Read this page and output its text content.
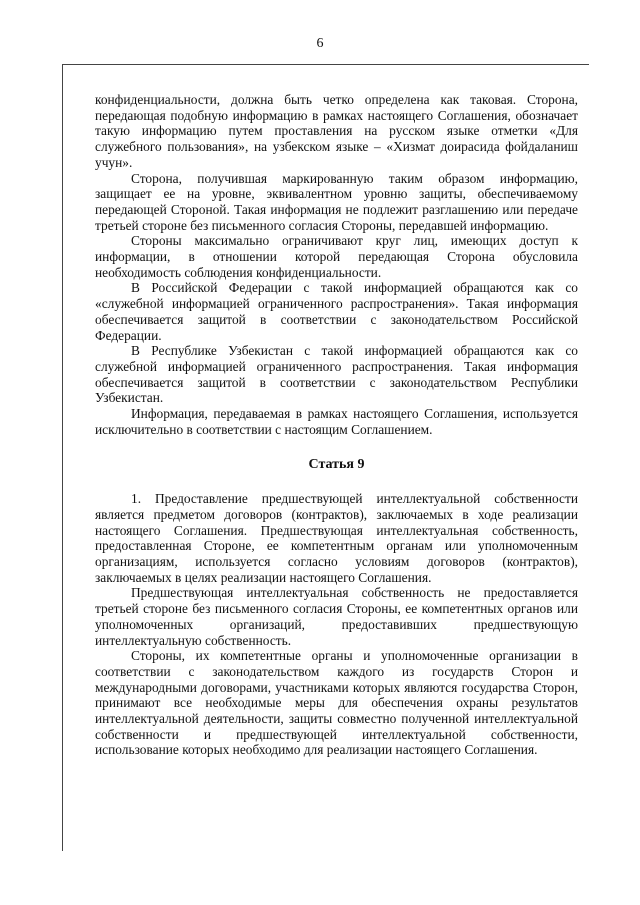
6

конфиденциальности, должна быть четко определена как таковая. Сторона, передающая подобную информацию в рамках настоящего Соглашения, обозначает такую информацию путем проставления на русском языке отметки «Для служебного пользования», на узбекском языке – «Хизмат доирасида фойдаланиш учун».

Сторона, получившая маркированную таким образом информацию, защищает ее на уровне, эквивалентном уровню защиты, обеспечиваемому передающей Стороной. Такая информация не подлежит разглашению или передаче третьей стороне без письменного согласия Стороны, передавшей информацию.

Стороны максимально ограничивают круг лиц, имеющих доступ к информации, в отношении которой передающая Сторона обусловила необходимость соблюдения конфиденциальности.

В Российской Федерации с такой информацией обращаются как со «служебной информацией ограниченного распространения». Такая информация обеспечивается защитой в соответствии с законодательством Российской Федерации.

В Республике Узбекистан с такой информацией обращаются как со служебной информацией ограниченного распространения. Такая информация обеспечивается защитой в соответствии с законодательством Республики Узбекистан.

Информация, передаваемая в рамках настоящего Соглашения, используется исключительно в соответствии с настоящим Соглашением.

Статья 9

1. Предоставление предшествующей интеллектуальной собственности является предметом договоров (контрактов), заключаемых в ходе реализации настоящего Соглашения. Предшествующая интеллектуальная собственность, предоставленная Стороне, ее компетентным органам или уполномоченным организациям, используется согласно условиям договоров (контрактов), заключаемых в целях реализации настоящего Соглашения.

Предшествующая интеллектуальная собственность не предоставляется третьей стороне без письменного согласия Стороны, ее компетентных органов или уполномоченных организаций, предоставивших предшествующую интеллектуальную собственность.

Стороны, их компетентные органы и уполномоченные организации в соответствии с законодательством каждого из государств Сторон и международными договорами, участниками которых являются государства Сторон, принимают все необходимые меры для обеспечения охраны результатов интеллектуальной деятельности, защиты совместно полученной интеллектуальной собственности и предшествующей интеллектуальной собственности, использование которых необходимо для реализации настоящего Соглашения.
